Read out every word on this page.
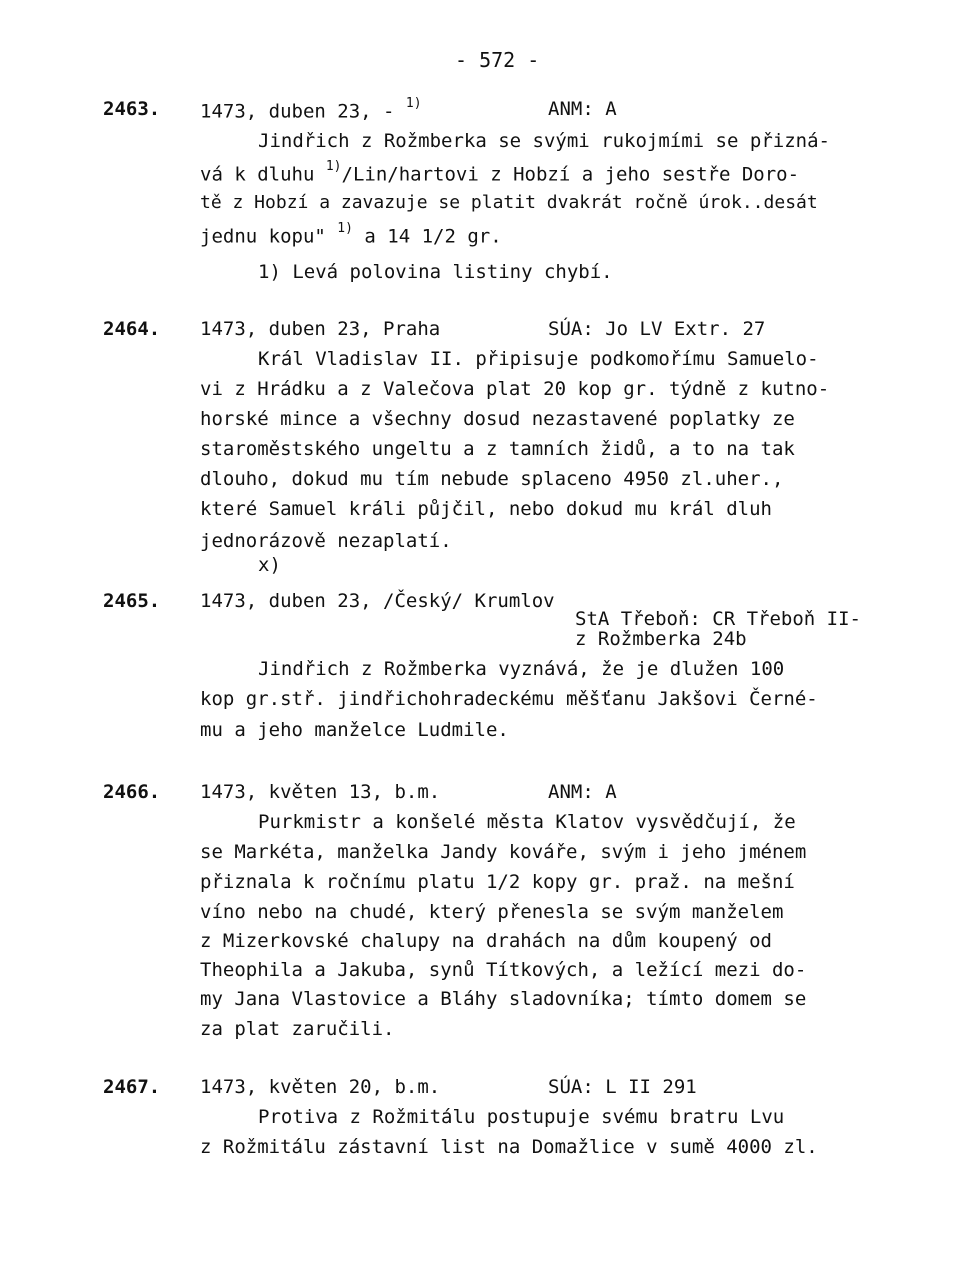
- 572 -
2463. 1473, duben 23, - $^{1)}$	ANM: A
Jindřich z Rožmberka se svými rukojmími se přizná-
vá k dluhu $^{1)}$/Lin/hartovi z Hobzí a jeho sestře Doro-
tě z Hobzí a zavazuje se platit dvakrát ročně úrok..desát
jednu kopu" $^{1)}$ a 14 1/2 gr.
1) Levá polovina listiny chybí.
2464. 1473, duben 23, Praha	SÚA: Jo LV Extr. 27
Král Vladislav II. připisuje podkomořímu Samuelo-
vi z Hrádku a z Valečova plat 20 kop gr. týdně z kutno-
horské mince a všechny dosud nezastavené poplatky ze
staroměstského ungeltu a z tamních židů, a to na tak
dlouho, dokud mu tím nebude splaceno 4950 zl.uher.,
které Samuel králi půjčil, nebo dokud mu král dluh
jednorázově nezaplatí.
x)
2465. 1473, duben 23, /Český/ Krumlov
StA Třeboň: CR Třeboň II-
z Rožmberka 24b
Jindřich z Rožmberka vyznává, že je dlužen 100
kop gr.stř. jindřichohradeckému měšťanu Jakšovi Černé-
mu a jeho manželce Ludmile.
2466. 1473, květen 13, b.m.	ANM: A
Purkmistr a konšelé města Klatov vysvědčují, že
se Markéta, manželka Jandy kováře, svým i jeho jménem
přiznala k ročnímu platu 1/2 kopy gr. praž. na mešní
víno nebo na chudé, který přenesla se svým manželem
z Mizerkovské chalupy na drahách na dům koupený od
Theophila a Jakuba, synů Títkových, a ležící mezi do-
my Jana Vlastovice a Bláhy sladovníka; tímto domem se
za plat zaručili.
2467. 1473, květen 20, b.m.	SÚA: L II 291
Protiva z Rožmitálu postupuje svému bratru Lvu
z Rožmitálu zástavní list na Domažlice v sumě 4000 zl.
